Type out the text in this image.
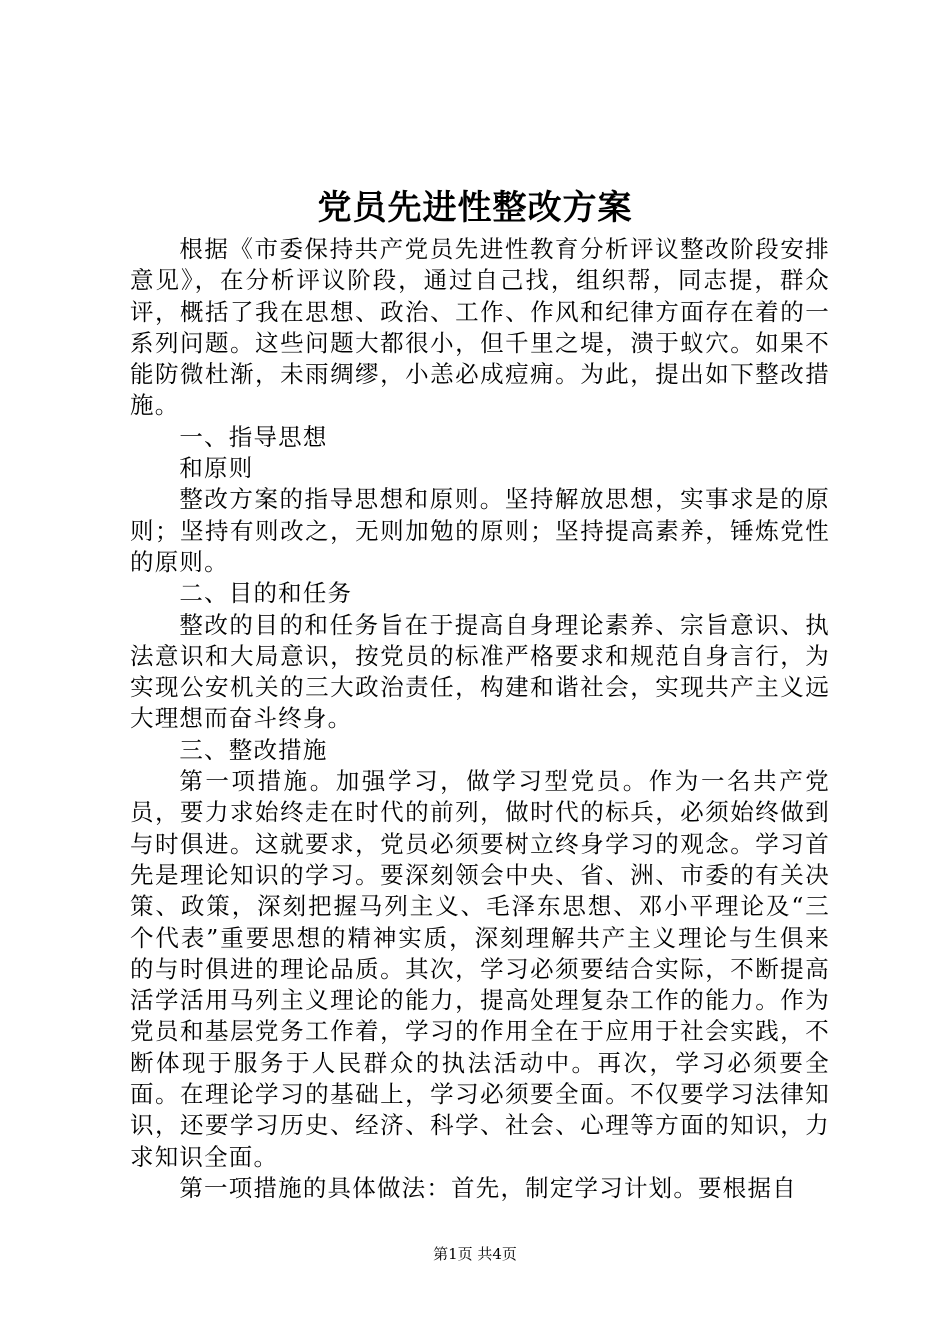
党员先进性整改方案

根据《市委保持共产党员先进性教育分析评议整改阶段安排意见》，在分析评议阶段，通过自己找，组织帮，同志提，群众评，概括了我在思想、政治、工作、作风和纪律方面存在着的一系列问题。这些问题大都很小，但千里之堤，溃于蚁穴。如果不能防微杜渐，未雨绸缪，小恙必成痘痈。为此，提出如下整改措施。

一、指导思想

和原则

整改方案的指导思想和原则。坚持解放思想，实事求是的原则；坚持有则改之，无则加勉的原则；坚持提高素养，锤炼党性的原则。

二、目的和任务

整改的目的和任务旨在于提高自身理论素养、宗旨意识、执法意识和大局意识，按党员的标准严格要求和规范自身言行，为实现公安机关的三大政治责任，构建和谐社会，实现共产主义远大理想而奋斗终身。

三、整改措施

第一项措施。加强学习，做学习型党员。作为一名共产党员，要力求始终走在时代的前列，做时代的标兵，必须始终做到与时俱进。这就要求，党员必须要树立终身学习的观念。学习首先是理论知识的学习。要深刻领会中央、省、洲、市委的有关决策、政策，深刻把握马列主义、毛泽东思想、邓小平理论及“三个代表”重要思想的精神实质，深刻理解共产主义理论与生俱来的与时俱进的理论品质。其次，学习必须要结合实际，不断提高活学活用马列主义理论的能力，提高处理复杂工作的能力。作为党员和基层党务工作着，学习的作用全在于应用于社会实践，不断体现于服务于人民群众的执法活动中。再次，学习必须要全面。在理论学习的基础上，学习必须要全面。不仅要学习法律知识，还要学习历史、经济、科学、社会、心理等方面的知识，力求知识全面。

第一项措施的具体做法：首先，制定学习计划。要根据自

第1页 共4页
